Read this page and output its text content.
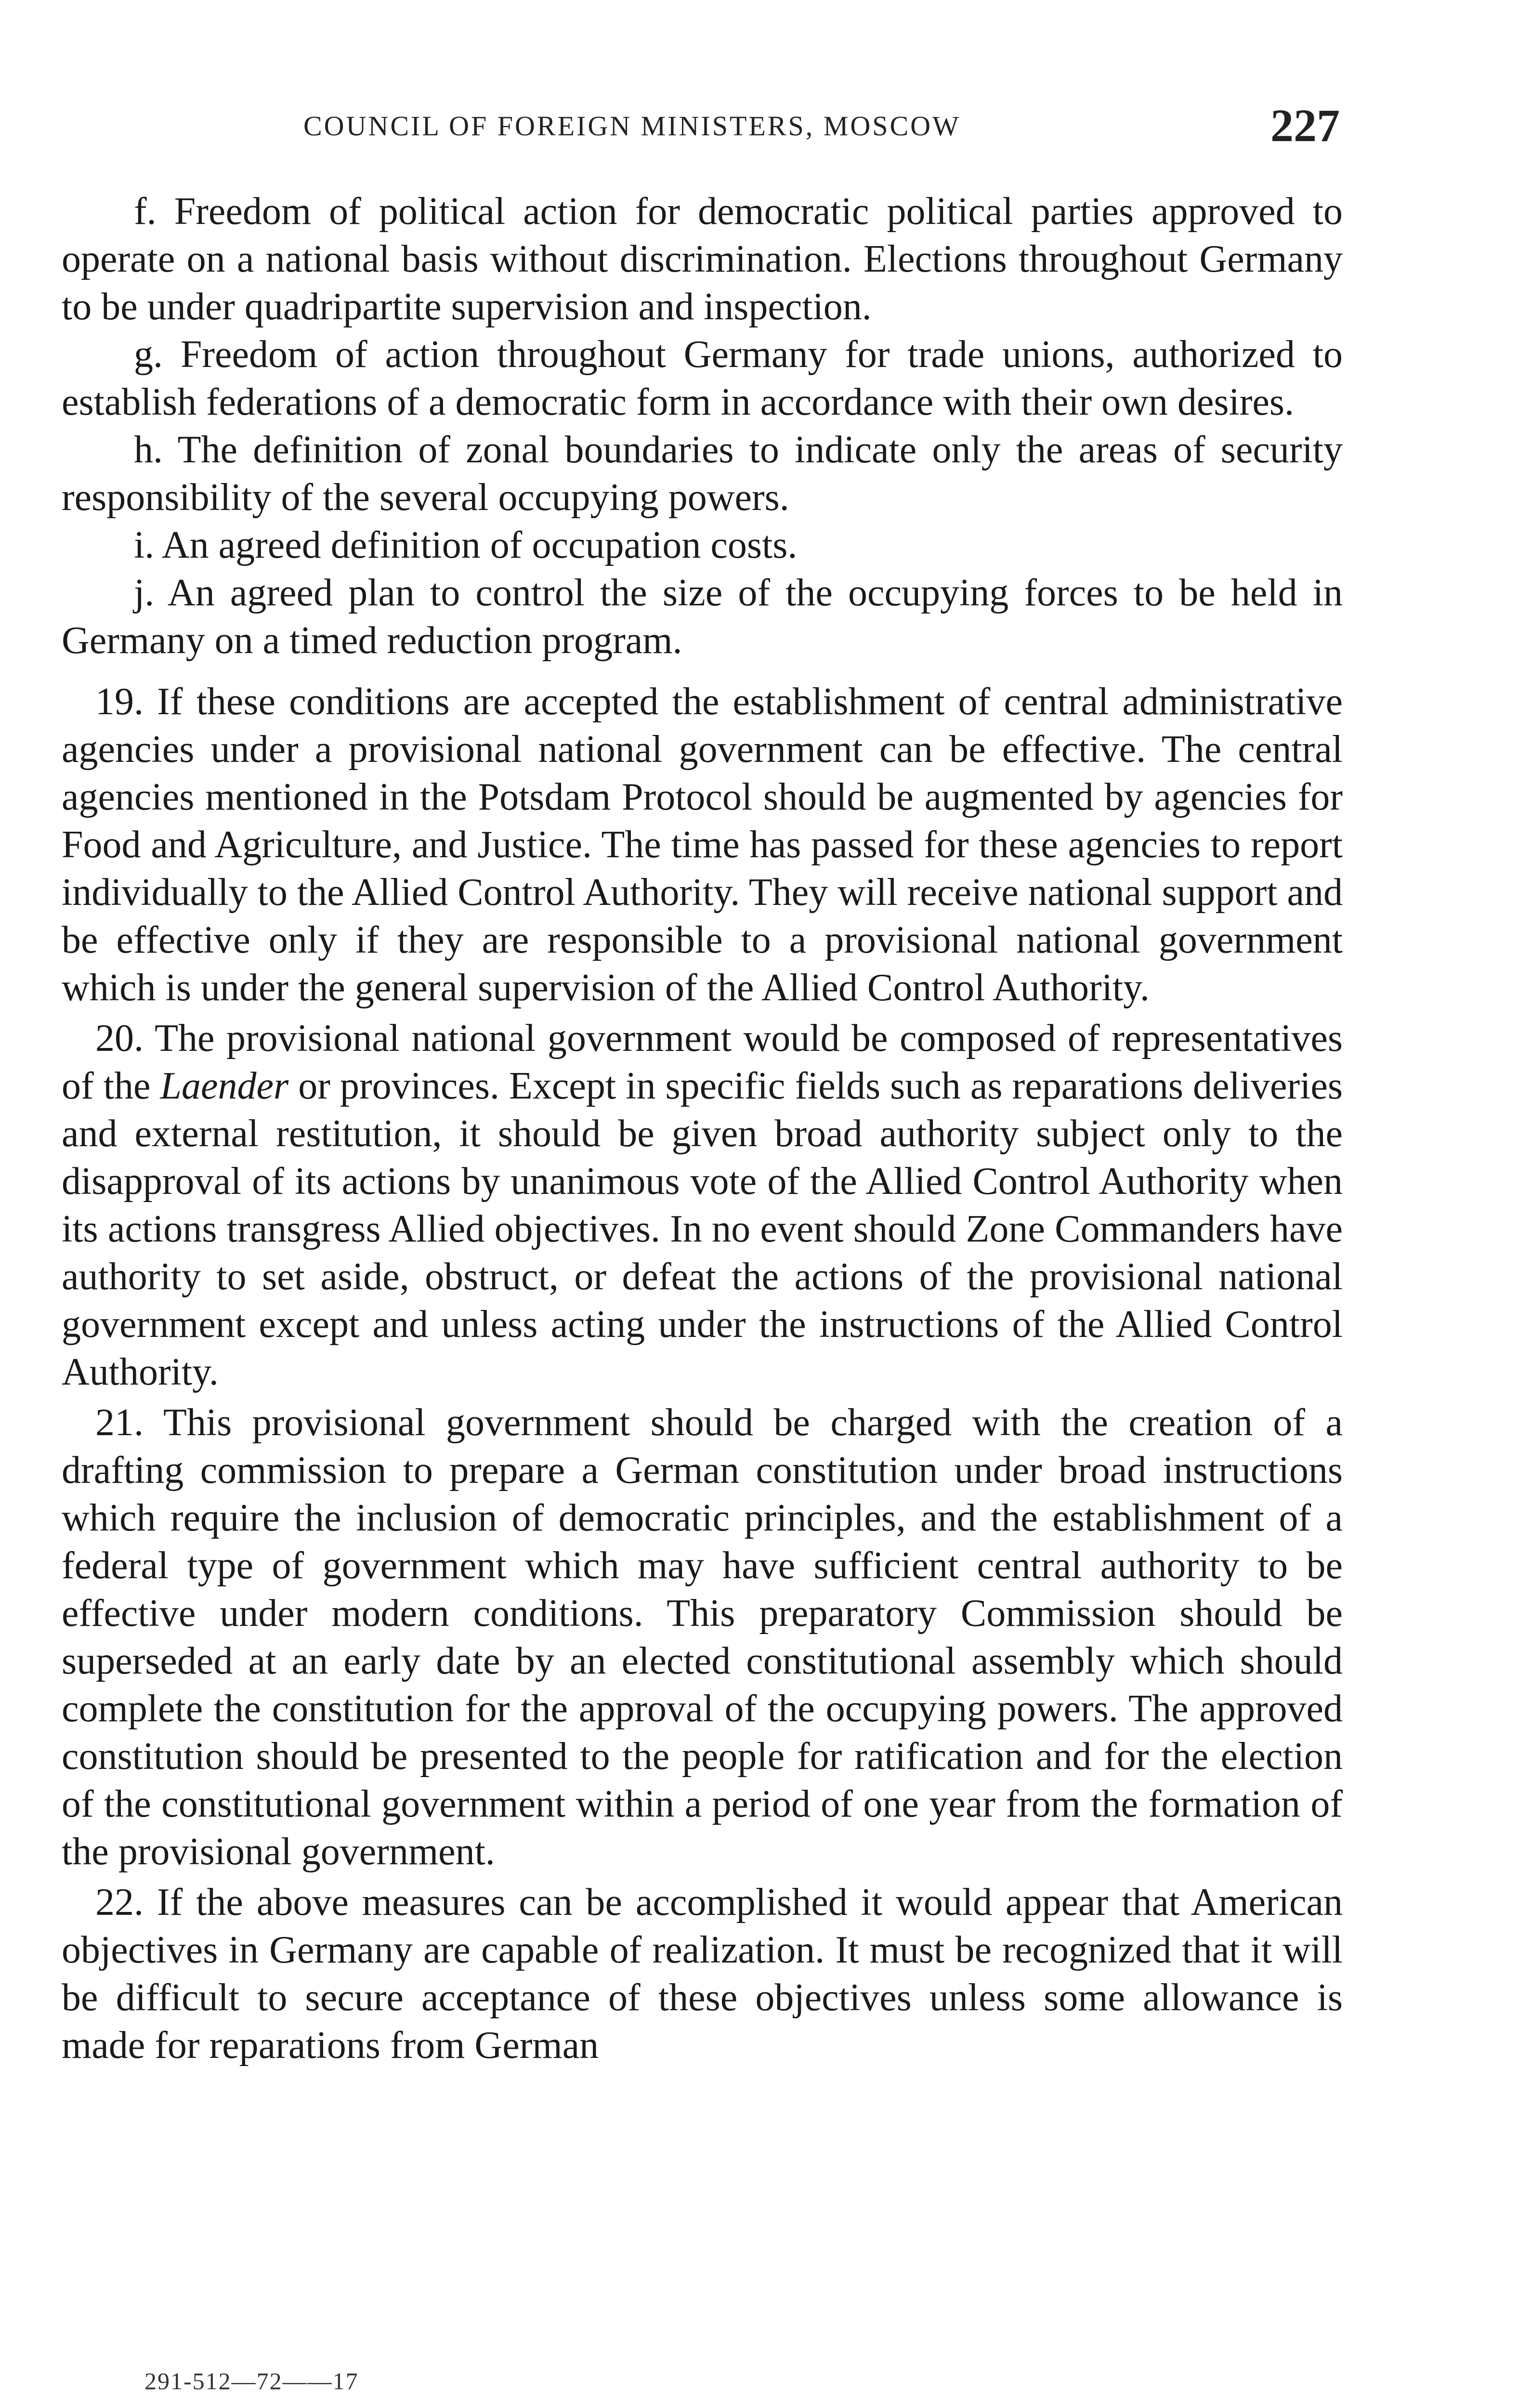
COUNCIL OF FOREIGN MINISTERS, MOSCOW	227

f. Freedom of political action for democratic political parties approved to operate on a national basis without discrimination. Elections throughout Germany to be under quadripartite supervision and inspection.

g. Freedom of action throughout Germany for trade unions, authorized to establish federations of a democratic form in accordance with their own desires.

h. The definition of zonal boundaries to indicate only the areas of security responsibility of the several occupying powers.

i. An agreed definition of occupation costs.

j. An agreed plan to control the size of the occupying forces to be held in Germany on a timed reduction program.

19. If these conditions are accepted the establishment of central administrative agencies under a provisional national government can be effective. The central agencies mentioned in the Potsdam Protocol should be augmented by agencies for Food and Agriculture, and Justice. The time has passed for these agencies to report individually to the Allied Control Authority. They will receive national support and be effective only if they are responsible to a provisional national government which is under the general supervision of the Allied Control Authority.

20. The provisional national government would be composed of representatives of the Laender or provinces. Except in specific fields such as reparations deliveries and external restitution, it should be given broad authority subject only to the disapproval of its actions by unanimous vote of the Allied Control Authority when its actions transgress Allied objectives. In no event should Zone Commanders have authority to set aside, obstruct, or defeat the actions of the provisional national government except and unless acting under the instructions of the Allied Control Authority.

21. This provisional government should be charged with the creation of a drafting commission to prepare a German constitution under broad instructions which require the inclusion of democratic principles, and the establishment of a federal type of government which may have sufficient central authority to be effective under modern conditions. This preparatory Commission should be superseded at an early date by an elected constitutional assembly which should complete the constitution for the approval of the occupying powers. The approved constitution should be presented to the people for ratification and for the election of the constitutional government within a period of one year from the formation of the provisional government.

22. If the above measures can be accomplished it would appear that American objectives in Germany are capable of realization. It must be recognized that it will be difficult to secure acceptance of these objectives unless some allowance is made for reparations from German

291-512—72——17
